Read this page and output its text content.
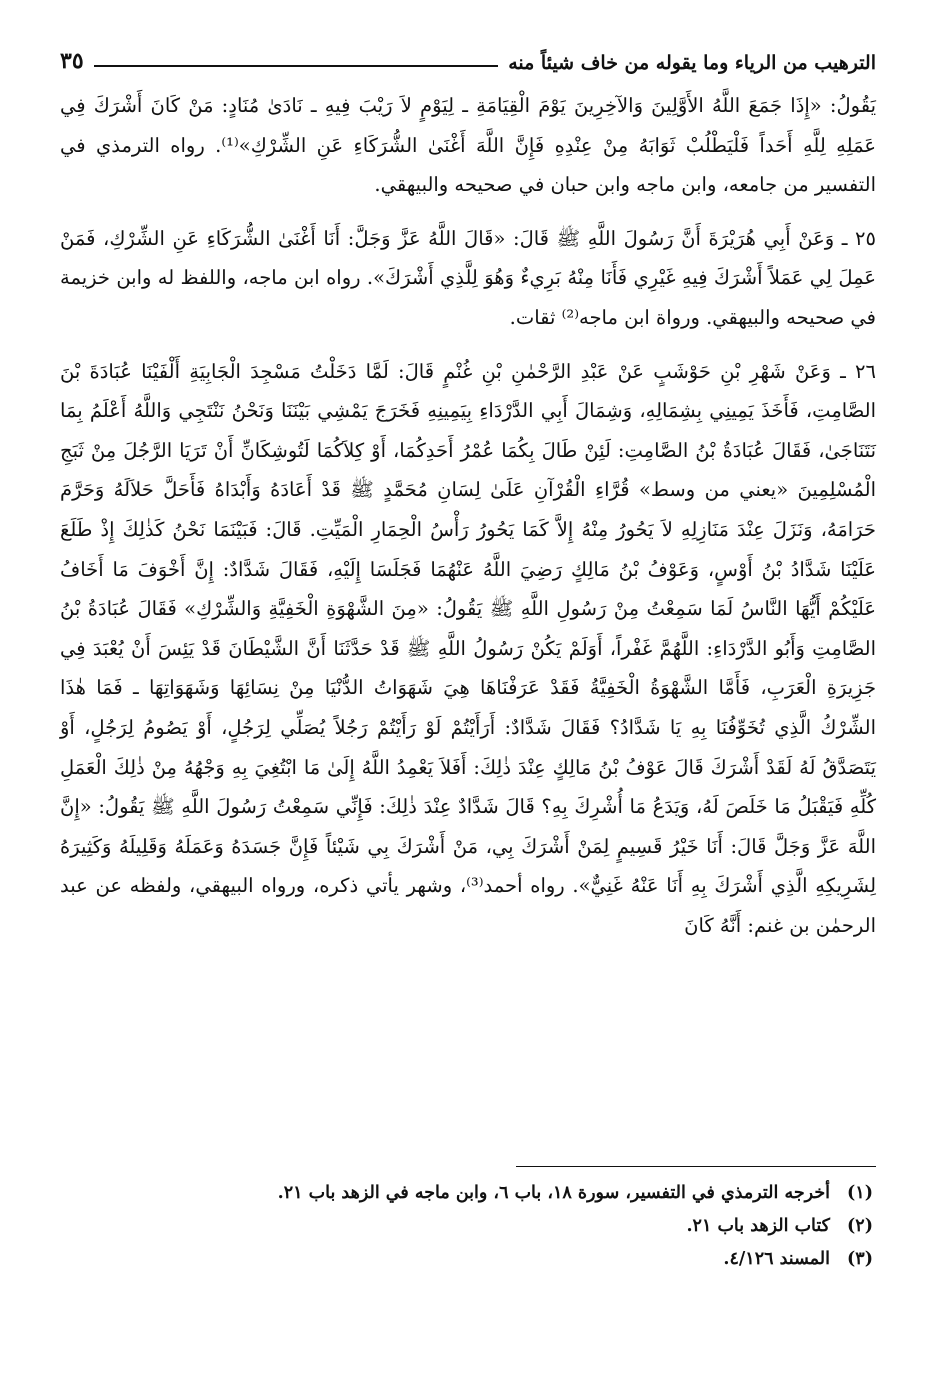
الترهيب من الرياء وما يقوله من خاف شيئاً منه
٣٥

يَقُولُ: «إِذَا جَمَعَ اللَّهُ الأَوَّلِينَ وَالآخِرِينَ يَوْمَ الْقِيَامَةِ ـ لِيَوْمٍ لاَ رَيْبَ فِيهِ ـ نَادَىٰ مُنَادٍ: مَنْ كَانَ أَشْرَكَ فِي عَمَلِهِ لِلَّهِ أَحَداً فَلْيَطْلُبْ ثَوَابَهُ مِنْ عِنْدِهِ فَإِنَّ اللَّهَ أَغْنَىٰ الشُّرَكَاءِ عَنِ الشِّرْكِ»⁽¹⁾. رواه الترمذي في التفسير من جامعه، وابن ماجه وابن حبان في صحيحه والبيهقي.

٢٥ ـ وَعَنْ أَبِي هُرَيْرَةَ أَنَّ رَسُولَ اللَّهِ ﷺ قَالَ: «قَالَ اللَّهُ عَزَّ وَجَلَّ: أَنَا أَغْنَىٰ الشُّرَكَاءِ عَنِ الشِّرْكِ، فَمَنْ عَمِلَ لِي عَمَلاً أَشْرَكَ فِيهِ غَيْرِي فَأَنَا مِنْهُ بَرِيءٌ وَهُوَ لِلَّذِي أَشْرَكَ». رواه ابن ماجه، واللفظ له وابن خزيمة في صحيحه والبيهقي. ورواة ابن ماجه⁽²⁾ ثقات.

٢٦ ـ وَعَنْ شَهْرِ بْنِ حَوْشَبٍ عَنْ عَبْدِ الرَّحْمٰنِ بْنِ غُنْمٍ قَالَ: لَمَّا دَخَلْتُ مَسْجِدَ الْجَابِيَةِ أَلْفَيْنَا عُبَادَةَ بْنَ الصَّامِتِ، فَأَخَذَ يَمِينِي بِشِمَالِهِ، وَشِمَالَ أَبِي الدَّرْدَاءِ بِيَمِينِهِ فَخَرَجَ يَمْشِي بَيْنَنَا وَنَحْنُ نَنْتَجِي وَاللَّهُ أَعْلَمُ بِمَا نَتَنَاجَىٰ، فَقَالَ عُبَادَةُ بْنُ الصَّامِتِ: لَئِنْ طَالَ بِكُمَا عُمْرُ أَحَدِكُمَا، أَوْ كِلاَكُمَا لَتُوشِكَانِّ أَنْ تَرَيَا الرَّجُلَ مِنْ ثَبَجِ الْمُسْلِمِينَ «يعني من وسط» قُرَّاءِ الْقُرْآنِ عَلَىٰ لِسَانِ مُحَمَّدٍ ﷺ قَدْ أَعَادَهُ وَأَبْدَاهُ فَأَحَلَّ حَلاَلَهُ وَحَرَّمَ حَرَامَهُ، وَنَزَلَ عِنْدَ مَنَازِلِهِ لاَ يَحُورُ مِنْهُ إِلاَّ كَمَا يَحُورُ رَأْسُ الْحِمَارِ الْمَيِّتِ. قَالَ: فَبَيْنَمَا نَحْنُ كَذٰلِكَ إِذْ طَلَعَ عَلَيْنَا شَدَّادُ بْنُ أَوْسٍ، وَعَوْفُ بْنُ مَالِكٍ رَضِيَ اللَّهُ عَنْهُمَا فَجَلَسَا إِلَيْهِ، فَقَالَ شَدَّادٌ: إِنَّ أَخْوَفَ مَا أَخَافُ عَلَيْكُمْ أَيُّهَا النَّاسُ لَمَا سَمِعْتُ مِنْ رَسُولِ اللَّهِ ﷺ يَقُولُ: «مِنَ الشَّهْوَةِ الْخَفِيَّةِ وَالشِّرْكِ» فَقَالَ عُبَادَةُ بْنُ الصَّامِتِ وَأَبُو الدَّرْدَاءِ: اللَّهُمَّ غَفْراً، أَوَلَمْ يَكُنْ رَسُولُ اللَّهِ ﷺ قَدْ حَدَّثَنَا أَنَّ الشَّيْطَانَ قَدْ يَئِسَ أَنْ يُعْبَدَ فِي جَزِيرَةِ الْعَرَبِ، فَأَمَّا الشَّهْوَةُ الْخَفِيَّةُ فَقَدْ عَرَفْنَاهَا هِيَ شَهَوَاتُ الدُّنْيَا مِنْ نِسَائِهَا وَشَهَوَاتِهَا ـ فَمَا هٰذَا الشِّرْكُ الَّذِي تُخَوِّفُنَا بِهِ يَا شَدَّادُ؟ فَقَالَ شَدَّادٌ: أَرَأَيْتُمْ لَوْ رَأَيْتُمْ رَجُلاً يُصَلِّي لِرَجُلٍ، أَوْ يَصُومُ لِرَجُلٍ، أَوْ يَتَصَدَّقُ لَهُ لَقَدْ أَشْرَكَ قَالَ عَوْفُ بْنُ مَالِكٍ عِنْدَ ذٰلِكَ: أَفَلاَ يَعْمِدُ اللَّهُ إِلَىٰ مَا ابْتُغِيَ بِهِ وَجْهُهُ مِنْ ذٰلِكَ الْعَمَلِ كُلِّهِ فَيَقْبَلُ مَا خَلَصَ لَهُ، وَيَدَعُ مَا أُشْرِكَ بِهِ؟ قَالَ شَدَّادٌ عِنْدَ ذٰلِكَ: فَإِنِّي سَمِعْتُ رَسُولَ اللَّهِ ﷺ يَقُولُ: «إِنَّ اللَّهَ عَزَّ وَجَلَّ قَالَ: أَنَا خَيْرُ قَسِيمٍ لِمَنْ أَشْرَكَ بِي، مَنْ أَشْرَكَ بِي شَيْئاً فَإِنَّ جَسَدَهُ وَعَمَلَهُ وَقَلِيلَهُ وَكَثِيرَهُ لِشَرِيكِهِ الَّذِي أَشْرَكَ بِهِ أَنَا عَنْهُ غَنِيٌّ». رواه أحمد⁽³⁾، وشهر يأتي ذكره، ورواه البيهقي، ولفظه عن عبد الرحمٰن بن غنم: أَنَّهُ كَانَ

(١)
أخرجه الترمذي في التفسير، سورة ١٨، باب ٦، وابن ماجه في الزهد باب ٢١.
(٢)
كتاب الزهد باب ٢١.
(٣)
المسند ٤/١٢٦.
